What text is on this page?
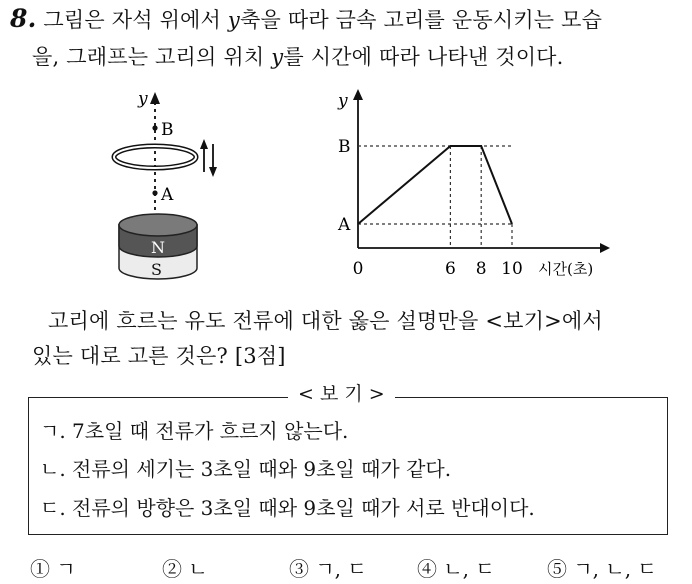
8. 그림은 자석 위에서 y축을 따라 금속 고리를 운동시키는 모습
을, 그래프는 고리의 위치 y를 시간에 따라 나타낸 것이다.
y
B
A
N
S
y
시간(초)
A
B
0	6 8 10
고리에 흐르는 유도 전류에 대한 옳은 설명만을 <보기>에서
있는 대로 고른 것은? [3점]
< 보 기 >
ㄱ. 7초일 때 전류가 흐르지 않는다.
ㄴ. 전류의 세기는 3초일 때와 9초일 때가 같다.
ㄷ. 전류의 방향은 3초일 때와 9초일 때가 서로 반대이다.
① ㄱ	② ㄴ	③ ㄱ, ㄷ	④ ㄴ, ㄷ	⑤ ㄱ, ㄴ, ㄷ
